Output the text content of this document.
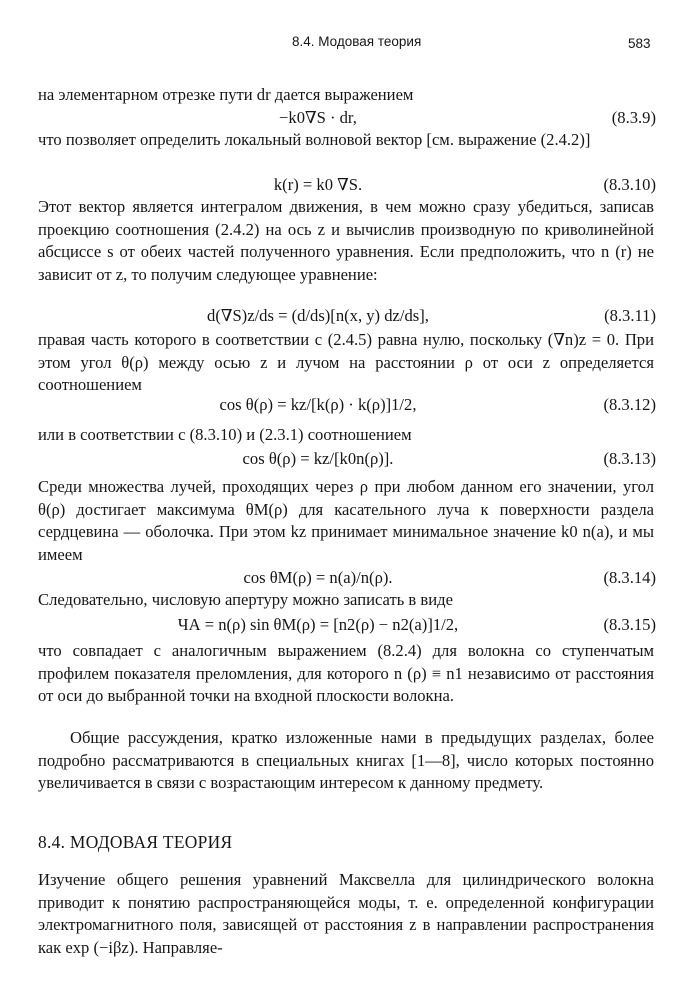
8.4. Модовая теория	583

на элементарном отрезке пути dr дается выражением

−k0∇S · dr,	(8.3.9)

что позволяет определить локальный волновой вектор [см. выражение (2.4.2)]

k(r) = k0 ∇S.	(8.3.10)

Этот вектор является интегралом движения, в чем можно сразу убедиться, записав проекцию соотношения (2.4.2) на ось z и вычислив производную по криволинейной абсциссе s от обеих частей полученного уравнения. Если предположить, что n (r) не зависит от z, то получим следующее уравнение:

d(∇S)z/ds = (d/ds)[n(x, y) dz/ds],	(8.3.11)

правая часть которого в соответствии с (2.4.5) равна нулю, поскольку (∇n)z = 0. При этом угол θ(ρ) между осью z и лучом на расстоянии ρ от оси z определяется соотношением

cos θ(ρ) = kz/[k(ρ) · k(ρ)]1/2,	(8.3.12)

или в соответствии с (8.3.10) и (2.3.1) соотношением

cos θ(ρ) = kz/[k0n(ρ)].	(8.3.13)

Среди множества лучей, проходящих через ρ при любом данном его значении, угол θ(ρ) достигает максимума θM(ρ) для касательного луча к поверхности раздела сердцевина — оболочка. При этом kz принимает минимальное значение k0 n(a), и мы имеем

cos θM(ρ) = n(a)/n(ρ).	(8.3.14)

Следовательно, числовую апертуру можно записать в виде

ЧА = n(ρ) sin θM(ρ) = [n2(ρ) − n2(a)]1/2,	(8.3.15)

что совпадает с аналогичным выражением (8.2.4) для волокна со ступенчатым профилем показателя преломления, для которого n (ρ) ≡ n1 независимо от расстояния от оси до выбранной точки на входной плоскости волокна.

Общие рассуждения, кратко изложенные нами в предыдущих разделах, более подробно рассматриваются в специальных книгах [1—8], число которых постоянно увеличивается в связи с возрастающим интересом к данному предмету.

8.4. МОДОВАЯ ТЕОРИЯ

Изучение общего решения уравнений Максвелла для цилиндрического волокна приводит к понятию распространяющейся моды, т. е. определенной конфигурации электромагнитного поля, зависящей от расстояния z в направлении распространения как exp (−iβz). Направляе-
